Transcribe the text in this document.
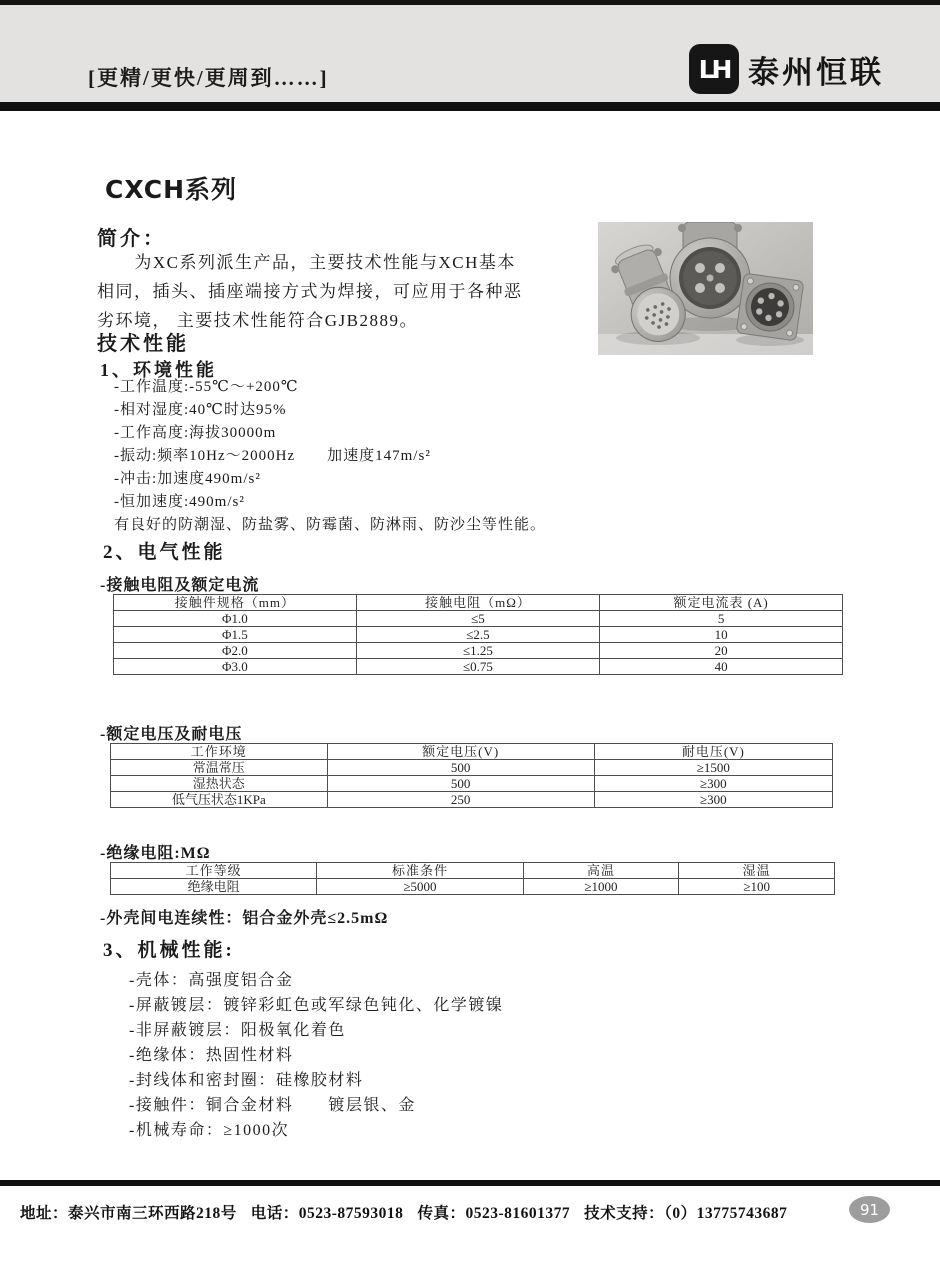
[更精/更快/更周到……]	LH 泰州恒联
CXCH系列
简介：
为XC系列派生产品，主要技术性能与XCH基本相同，插头、插座端接方式为焊接，可应用于各种恶劣环境， 主要技术性能符合GJB2889。
技术性能
1、环境性能
-工作温度:-55℃～+200℃
-相对湿度:40℃时达95%
-工作高度:海拔30000m
-振动:频率10Hz～2000Hz　　加速度147m/s²
-冲击:加速度490m/s²
-恒加速度:490m/s²
有良好的防潮湿、防盐雾、防霉菌、防淋雨、防沙尘等性能。
2、电气性能
-接触电阻及额定电流
接触件规格（mm）	接触电阻（mΩ）	额定电流表 (A)
Φ1.0	≤5	5
Φ1.5	≤2.5	10
Φ2.0	≤1.25	20
Φ3.0	≤0.75	40
-额定电压及耐电压
工作环境	额定电压(V)	耐电压(V)
常温常压	500	≥1500
湿热状态	500	≥300
低气压状态1KPa	250	≥300
-绝缘电阻:MΩ
工作等级	标准条件	高温	湿温
绝缘电阻	≥5000	≥1000	≥100
-外壳间电连续性：铝合金外壳≤2.5mΩ
3、机械性能:
-壳体：高强度铝合金
-屏蔽镀层：镀锌彩虹色或军绿色钝化、化学镀镍
-非屏蔽镀层：阳极氧化着色
-绝缘体：热固性材料
-封线体和密封圈：硅橡胶材料
-接触件：铜合金材料　　镀层银、金
-机械寿命：≥1000次
地址：泰兴市南三环西路218号 电话：0523-87593018 传真：0523-81601377 技术支持：（0）13775743687	91
